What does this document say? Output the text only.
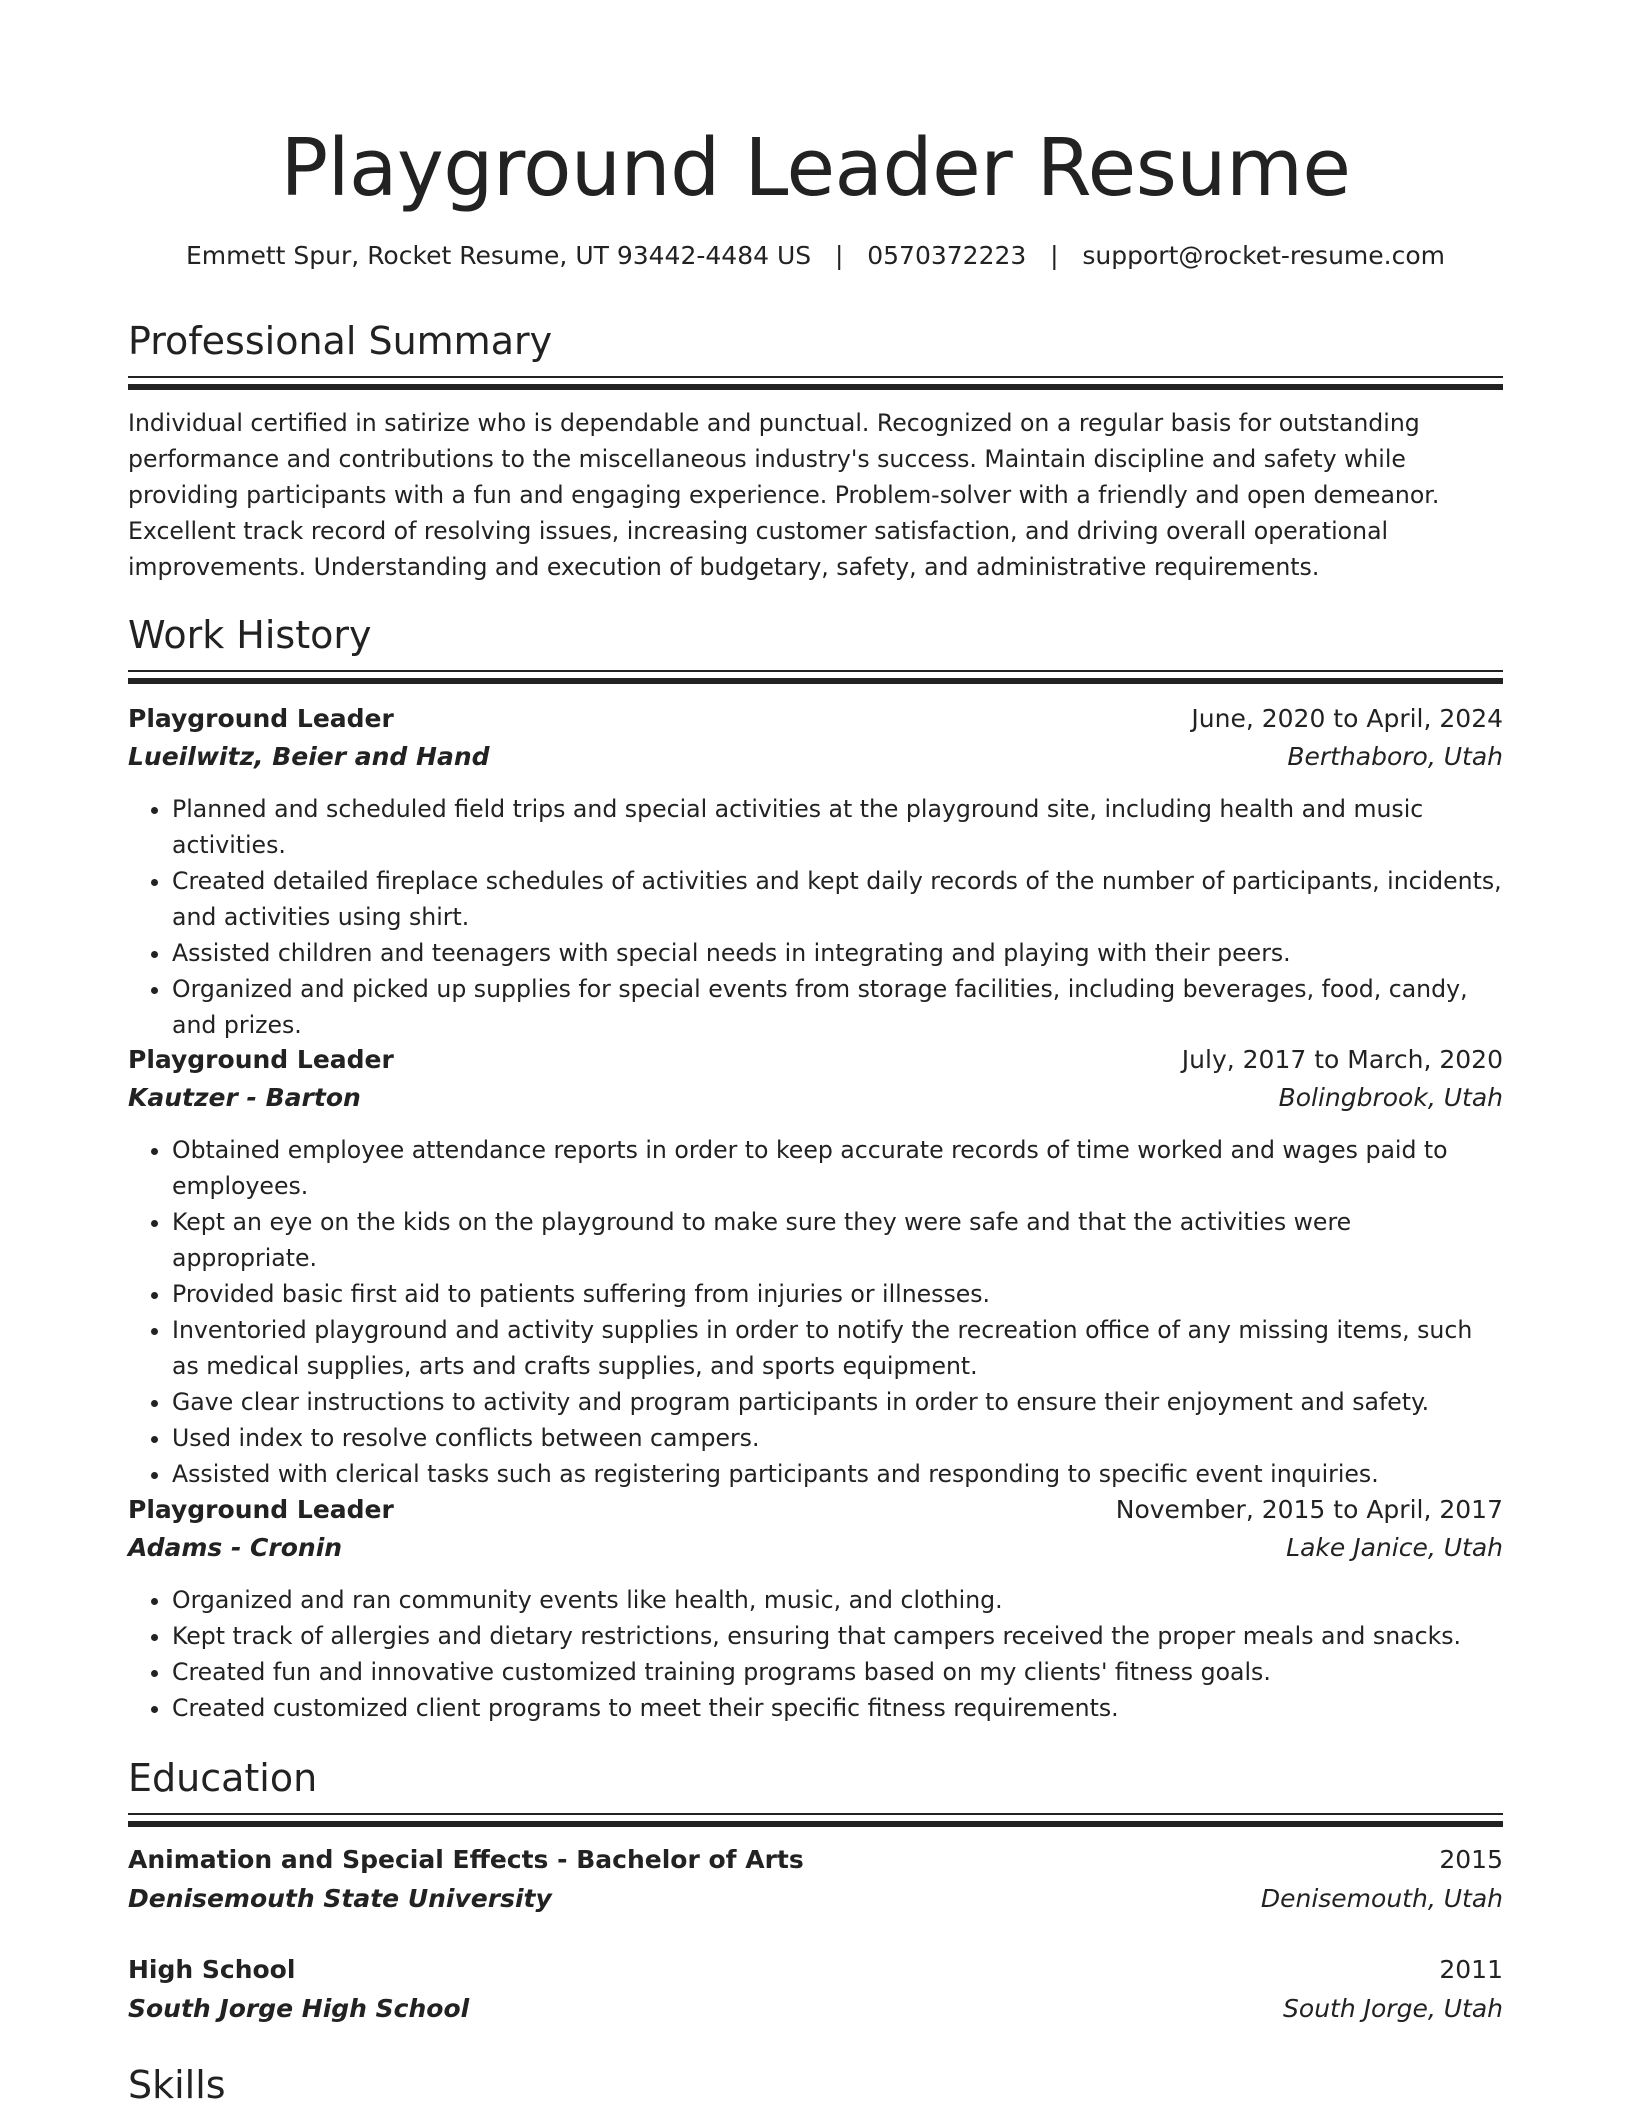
Playground Leader Resume
Emmett Spur, Rocket Resume, UT 93442-4484 US   |   0570372223   |   support@rocket-resume.com
Professional Summary
Individual certified in satirize who is dependable and punctual. Recognized on a regular basis for outstanding performance and contributions to the miscellaneous industry's success. Maintain discipline and safety while providing participants with a fun and engaging experience. Problem-solver with a friendly and open demeanor. Excellent track record of resolving issues, increasing customer satisfaction, and driving overall operational improvements. Understanding and execution of budgetary, safety, and administrative requirements.
Work History
Playground Leader	June, 2020 to April, 2024
Lueilwitz, Beier and Hand	Berthaboro, Utah
• Planned and scheduled field trips and special activities at the playground site, including health and music activities.
• Created detailed fireplace schedules of activities and kept daily records of the number of participants, incidents, and activities using shirt.
• Assisted children and teenagers with special needs in integrating and playing with their peers.
• Organized and picked up supplies for special events from storage facilities, including beverages, food, candy, and prizes.
Playground Leader	July, 2017 to March, 2020
Kautzer - Barton	Bolingbrook, Utah
• Obtained employee attendance reports in order to keep accurate records of time worked and wages paid to employees.
• Kept an eye on the kids on the playground to make sure they were safe and that the activities were appropriate.
• Provided basic first aid to patients suffering from injuries or illnesses.
• Inventoried playground and activity supplies in order to notify the recreation office of any missing items, such as medical supplies, arts and crafts supplies, and sports equipment.
• Gave clear instructions to activity and program participants in order to ensure their enjoyment and safety.
• Used index to resolve conflicts between campers.
• Assisted with clerical tasks such as registering participants and responding to specific event inquiries.
Playground Leader	November, 2015 to April, 2017
Adams - Cronin	Lake Janice, Utah
• Organized and ran community events like health, music, and clothing.
• Kept track of allergies and dietary restrictions, ensuring that campers received the proper meals and snacks.
• Created fun and innovative customized training programs based on my clients' fitness goals.
• Created customized client programs to meet their specific fitness requirements.
Education
Animation and Special Effects - Bachelor of Arts	2015
Denisemouth State University	Denisemouth, Utah
High School	2011
South Jorge High School	South Jorge, Utah
Skills
